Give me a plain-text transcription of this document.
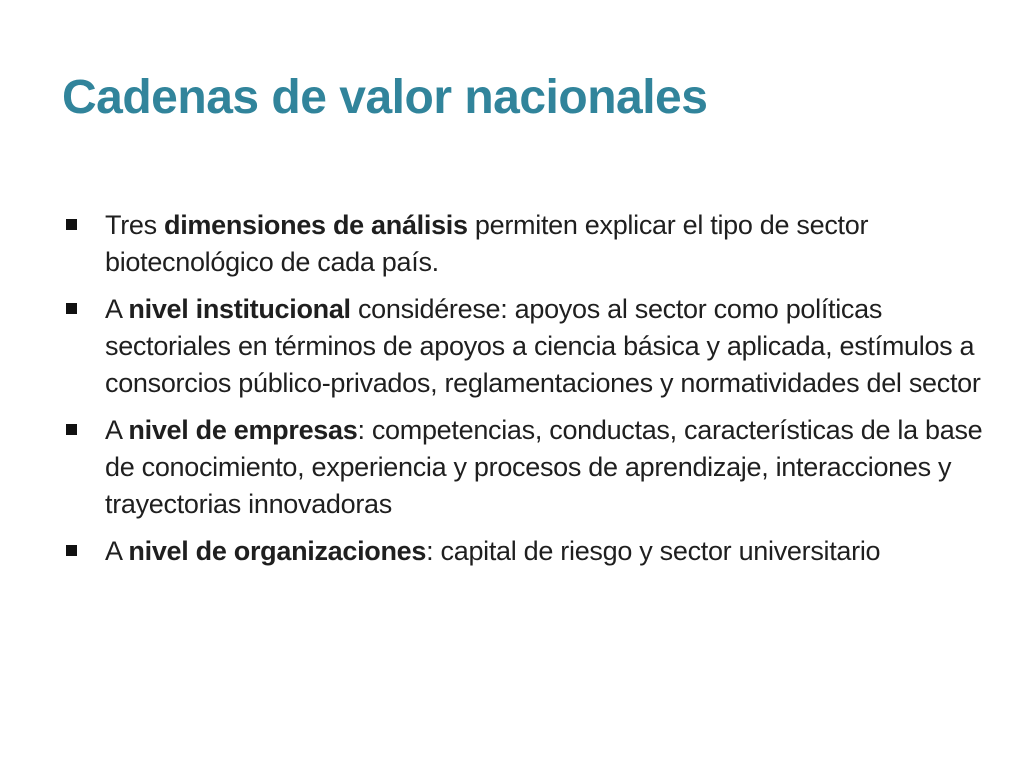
Cadenas de valor nacionales
Tres dimensiones de análisis permiten explicar el tipo de sector biotecnológico de cada país.
A nivel institucional considérese: apoyos al sector como políticas sectoriales en términos de apoyos a ciencia básica y aplicada, estímulos a consorcios público-privados, reglamentaciones y normatividades del sector
A nivel de empresas: competencias, conductas, características de la base de conocimiento, experiencia y procesos de aprendizaje, interacciones y trayectorias innovadoras
A nivel de organizaciones: capital de riesgo y sector universitario
